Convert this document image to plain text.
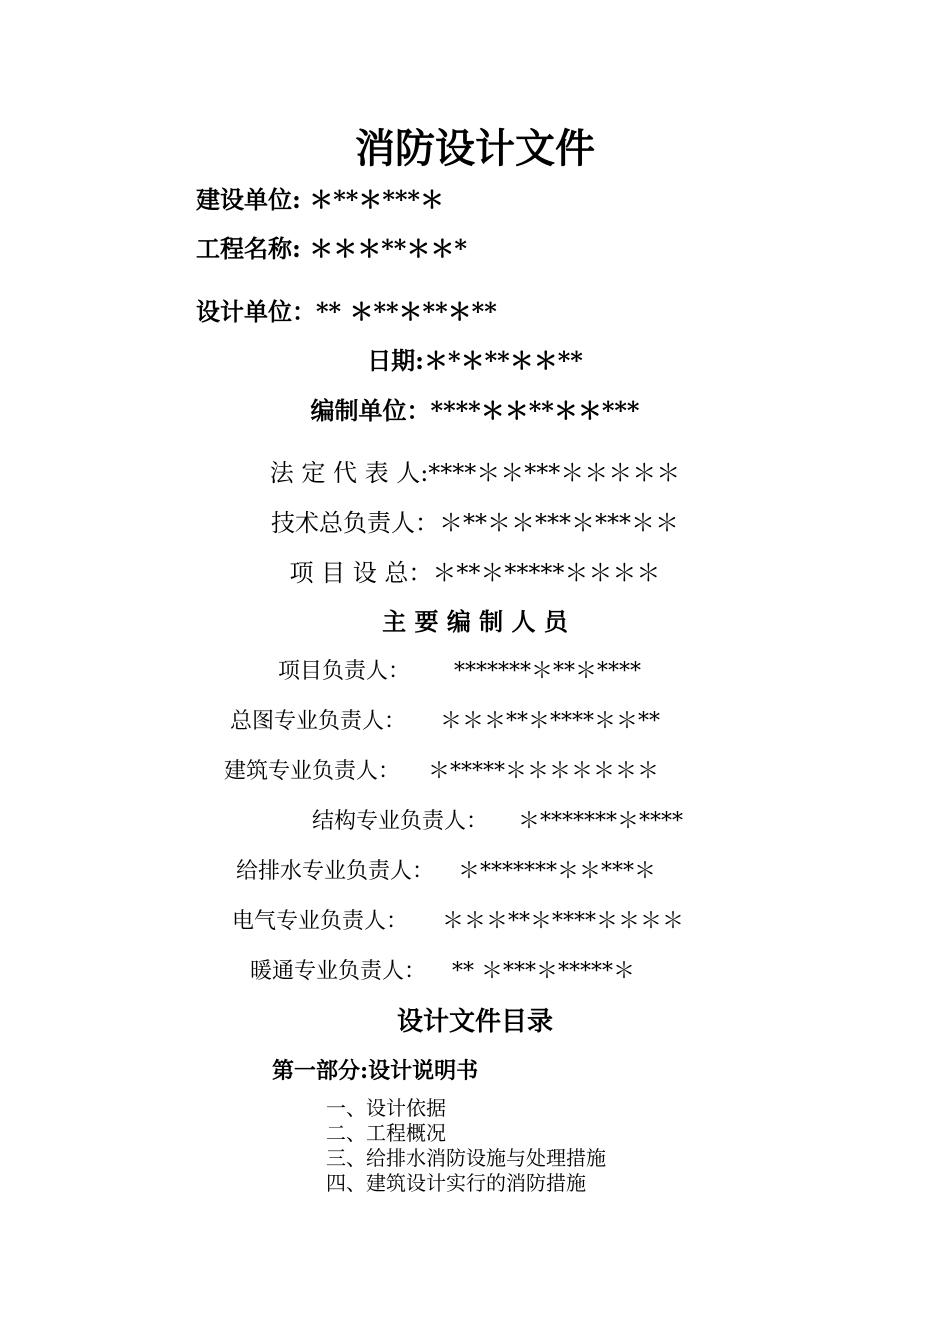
消防设计文件
建设单位: ＊**＊***＊
工程名称: ＊＊＊**＊＊*
设计单位：** ＊**＊**＊**
日期:＊*＊**＊＊**
编制单位：****＊＊**＊＊***
法 定 代 表 人:****＊＊***＊＊＊＊＊
技术总负责人：＊**＊＊***＊***＊＊
项 目 设 总：＊**＊*****＊＊＊＊
主 要 编 制 人 员
项目负责人： *******＊**＊****
总图专业负责人： ＊＊＊**＊****＊＊**
建筑专业负责人： ＊*****＊＊＊＊＊＊＊
结构专业负责人： ＊*******＊****
给排水专业负责人： ＊*******＊＊***＊
电气专业负责人： ＊＊＊**＊****＊＊＊＊
暖通专业负责人： ** ＊***＊*****＊
设计文件目录
第一部分:设计说明书
一、设计依据
二、工程概况
三、给排水消防设施与处理措施
四、建筑设计实行的消防措施
